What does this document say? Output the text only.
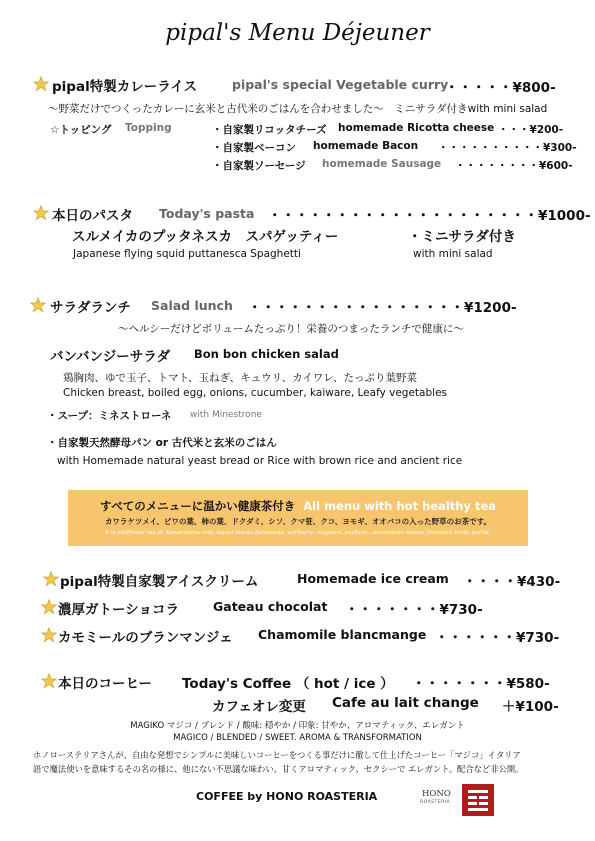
pipal's Menu Déjeuner
pipal特製カレーライス	pipal's special Vegetable curry
・・・・・¥800-
〜野菜だけでつくったカレーに玄米と古代米のごはんを合わせました〜　ミニサラダ付きwith mini salad
☆トッピング Topping	・自家製リコッタチーズ homemade Ricotta cheese ・・・¥200-
・自家製ベーコン homemade Bacon ・・・・・・・・・・¥300-
・自家製ソーセージ homemade Sausage ・・・・・・・・¥600-
本日のパスタ Today's pasta ・・・・・・・・・・・・・・・・・・・・¥1000-
スルメイカのプッタネスカ　スパゲッティー	・ミニサラダ付き
Japanese flying squid puttanesca Spaghetti	with mini salad
サラダランチ Salad lunch ・・・・・・・・・・・・・・・・¥1200-
〜ヘルシーだけどボリュームたっぷり！栄養のつまったランチで健康に〜
バンバンジーサラダ Bon bon chicken salad
鶏胸肉、ゆで玉子、トマト、玉ねぎ、キュウリ、カイワレ、たっぷり葉野菜
Chicken breast, boiled egg, onions, cucumber, kaiware, Leafy vegetables
・スープ：ミネストローネ with Minestrone
・自家製天然酵母パン or 古代米と玄米のごはん
with Homemade natural yeast bread or Rice with brown rice and ancient rice
すべてのメニューに温かい健康茶付き All menu with hot healthy tea
カワラケツメイ、ビワの葉、柿の葉、ドクダミ、シソ、クマ笹、クコ、ヨモギ、オオバコの入った野草のお茶です。
It is wildflower tea of ,Kawaratetsu mei, loquat leaves,Kumasada, wolfberry, mugwort, psyllium,, persimmon leaves, Domestic birds, perilla,
pipal特製自家製アイスクリーム	Homemade ice cream ・・・・¥430-
濃厚ガトーショコラ	Gateau chocolat ・・・・・・・¥730-
カモミールのブランマンジェ Chamomile blancmange ・・・・・・¥730-
本日のコーヒー Today's Coffee （ hot / ice ） ・・・・・・・¥580-
カフェオレ変更 Cafe au lait change ＋¥100-
MAGIKO マジコ / ブレンド / 酸味: 穏やか / 印象: 甘やか、アロマティック、エレガント
MAGICO / BLENDED / SWEET. AROMA & TRANSFORMATION
ホノローステリアさんが、自由な発想でシンプルに美味しいコーヒーをつくる事だけに徹して仕上げたコーヒー「マジコ」イタリア
語で魔法使いを意味するその名の様に、他にない不思議な味わい。甘くアロマティック、セクシーで エレガント。配合など非公開。
COFFEE by HONO ROASTERIA	HONO
ROASTERIA
